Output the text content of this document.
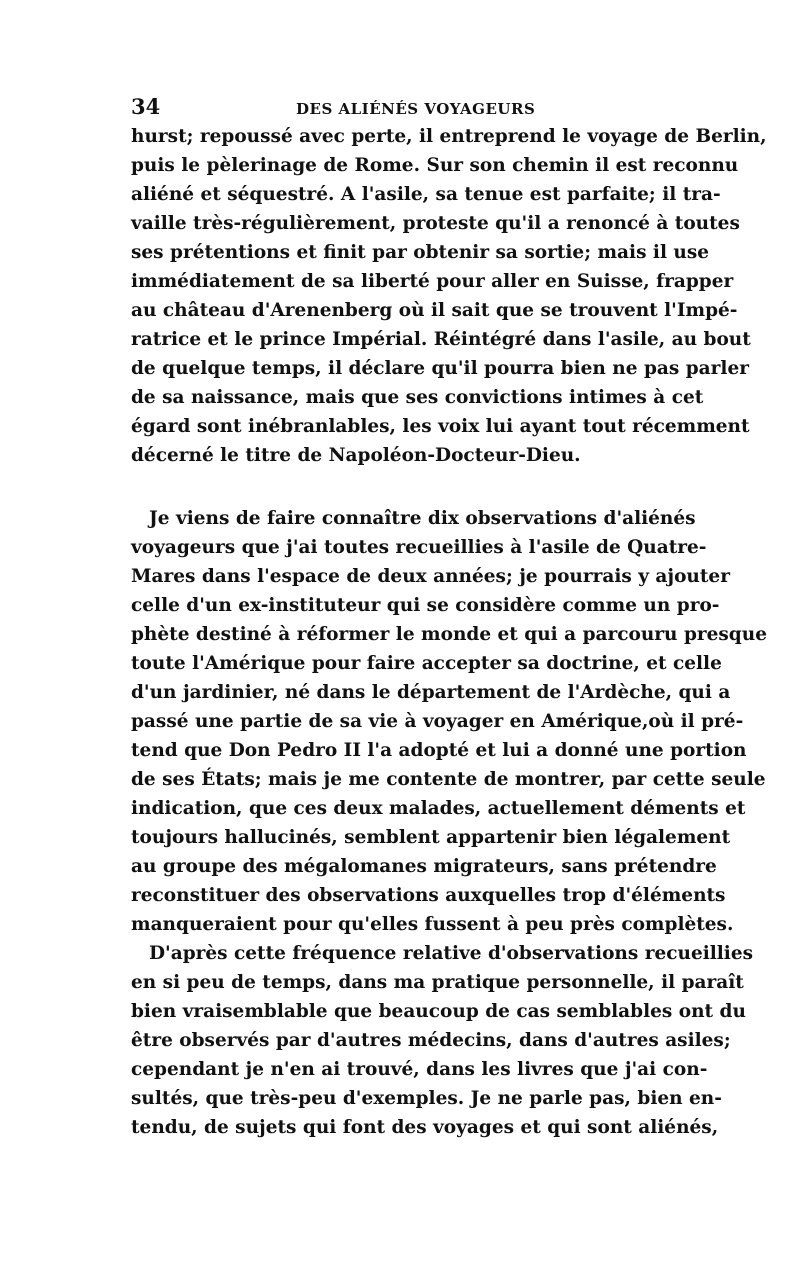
34	DES ALIÉNÉS VOYAGEURS
hurst; repoussé avec perte, il entreprend le voyage de Berlin,
puis le pèlerinage de Rome. Sur son chemin il est reconnu
aliéné et séquestré. A l'asile, sa tenue est parfaite; il tra-
vaille très-régulièrement, proteste qu'il a renoncé à toutes
ses prétentions et finit par obtenir sa sortie; mais il use
immédiatement de sa liberté pour aller en Suisse, frapper
au château d'Arenenberg où il sait que se trouvent l'Impé-
ratrice et le prince Impérial. Réintégré dans l'asile, au bout
de quelque temps, il déclare qu'il pourra bien ne pas parler
de sa naissance, mais que ses convictions intimes à cet
égard sont inébranlables, les voix lui ayant tout récemment
décerné le titre de Napoléon-Docteur-Dieu.
Je viens de faire connaître dix observations d'aliénés
voyageurs que j'ai toutes recueillies à l'asile de Quatre-
Mares dans l'espace de deux années; je pourrais y ajouter
celle d'un ex-instituteur qui se considère comme un pro-
phète destiné à réformer le monde et qui a parcouru presque
toute l'Amérique pour faire accepter sa doctrine, et celle
d'un jardinier, né dans le département de l'Ardèche, qui a
passé une partie de sa vie à voyager en Amérique,où il pré-
tend que Don Pedro II l'a adopté et lui a donné une portion
de ses États; mais je me contente de montrer, par cette seule
indication, que ces deux malades, actuellement déments et
toujours hallucinés, semblent appartenir bien légalement
au groupe des mégalomanes migrateurs, sans prétendre
reconstituer des observations auxquelles trop d'éléments
manqueraient pour qu'elles fussent à peu près complètes.
D'après cette fréquence relative d'observations recueillies
en si peu de temps, dans ma pratique personnelle, il paraît
bien vraisemblable que beaucoup de cas semblables ont du
être observés par d'autres médecins, dans d'autres asiles;
cependant je n'en ai trouvé, dans les livres que j'ai con-
sultés, que très-peu d'exemples. Je ne parle pas, bien en-
tendu, de sujets qui font des voyages et qui sont aliénés,
